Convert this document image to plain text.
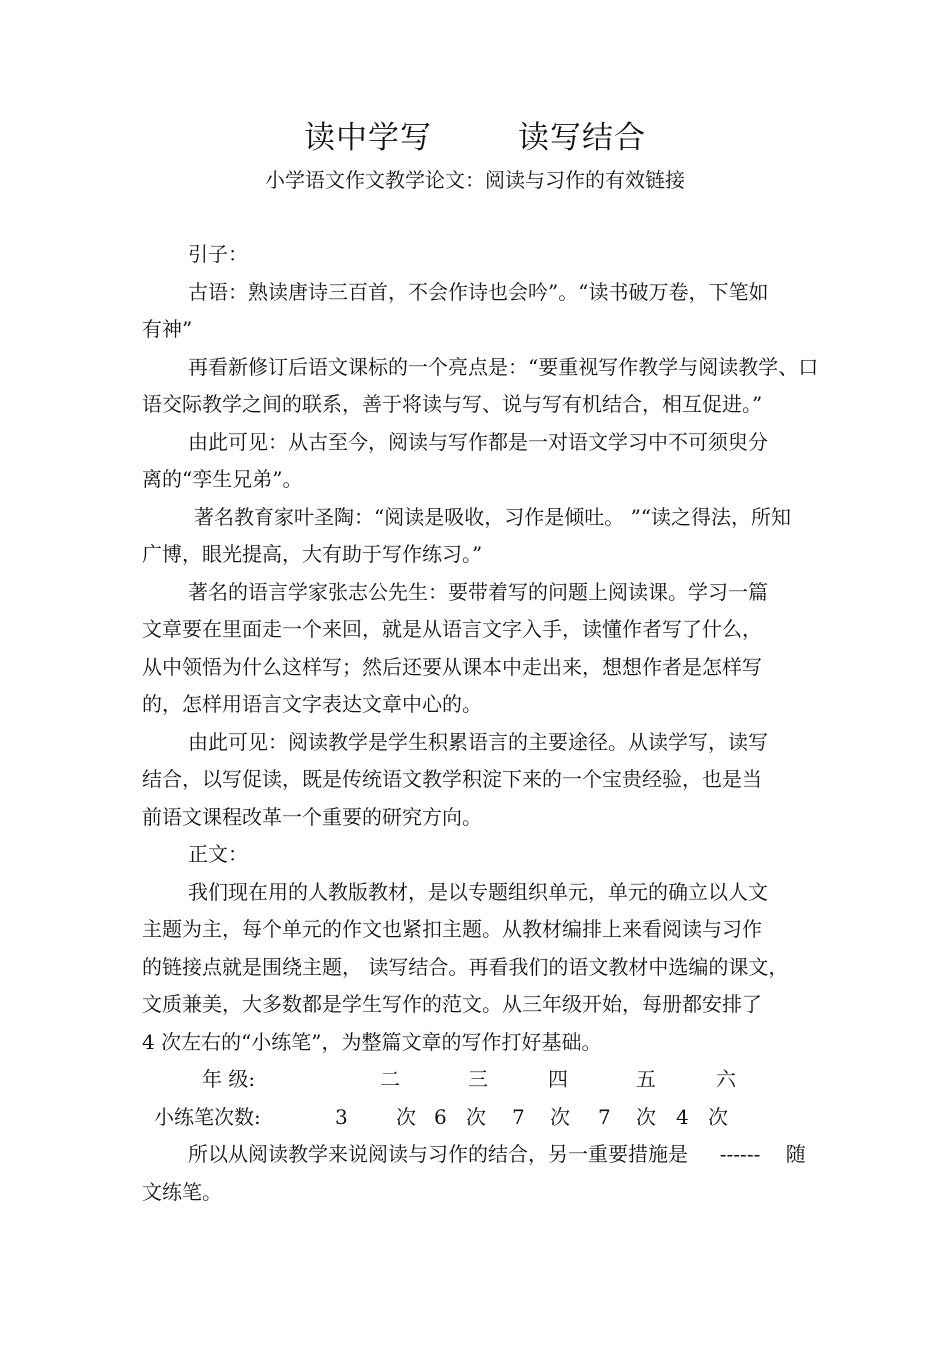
读中学写	读写结合
小学语文作文教学论文：阅读与习作的有效链接
引子：
古语：熟读唐诗三百首，不会作诗也会吟”。“读书破万卷，下笔如
有神”
再看新修订后语文课标的一个亮点是：“要重视写作教学与阅读教学、口
语交际教学之间的联系，善于将读与写、说与写有机结合，相互促进。”
由此可见：从古至今，阅读与写作都是一对语文学习中不可须臾分
离的“孪生兄弟”。
著名教育家叶圣陶：“阅读是吸收，习作是倾吐。 ”“读之得法，所知
广博，眼光提高，大有助于写作练习。”
著名的语言学家张志公先生：要带着写的问题上阅读课。学习一篇
文章要在里面走一个来回，就是从语言文字入手，读懂作者写了什么，
从中领悟为什么这样写；然后还要从课本中走出来，想想作者是怎样写
的，怎样用语言文字表达文章中心的。
由此可见：阅读教学是学生积累语言的主要途径。从读学写，读写
结合，以写促读，既是传统语文教学积淀下来的一个宝贵经验，也是当
前语文课程改革一个重要的研究方向。
正文：
我们现在用的人教版教材，是以专题组织单元，单元的确立以人文
主题为主，每个单元的作文也紧扣主题。从教材编排上来看阅读与习作
的链接点就是围绕主题， 读写结合。再看我们的语文教材中选编的课文，
文质兼美，大多数都是学生写作的范文。从三年级开始，每册都安排了
4 次左右的“小练笔”，为整篇文章的写作打好基础。
年 级:	二	三	四	五	六
小练笔次数:	3 次 6 次 7 次 7 次 4 次
所以从阅读教学来说阅读与习作的结合，另一重要措施是     ------    随
文练笔。
